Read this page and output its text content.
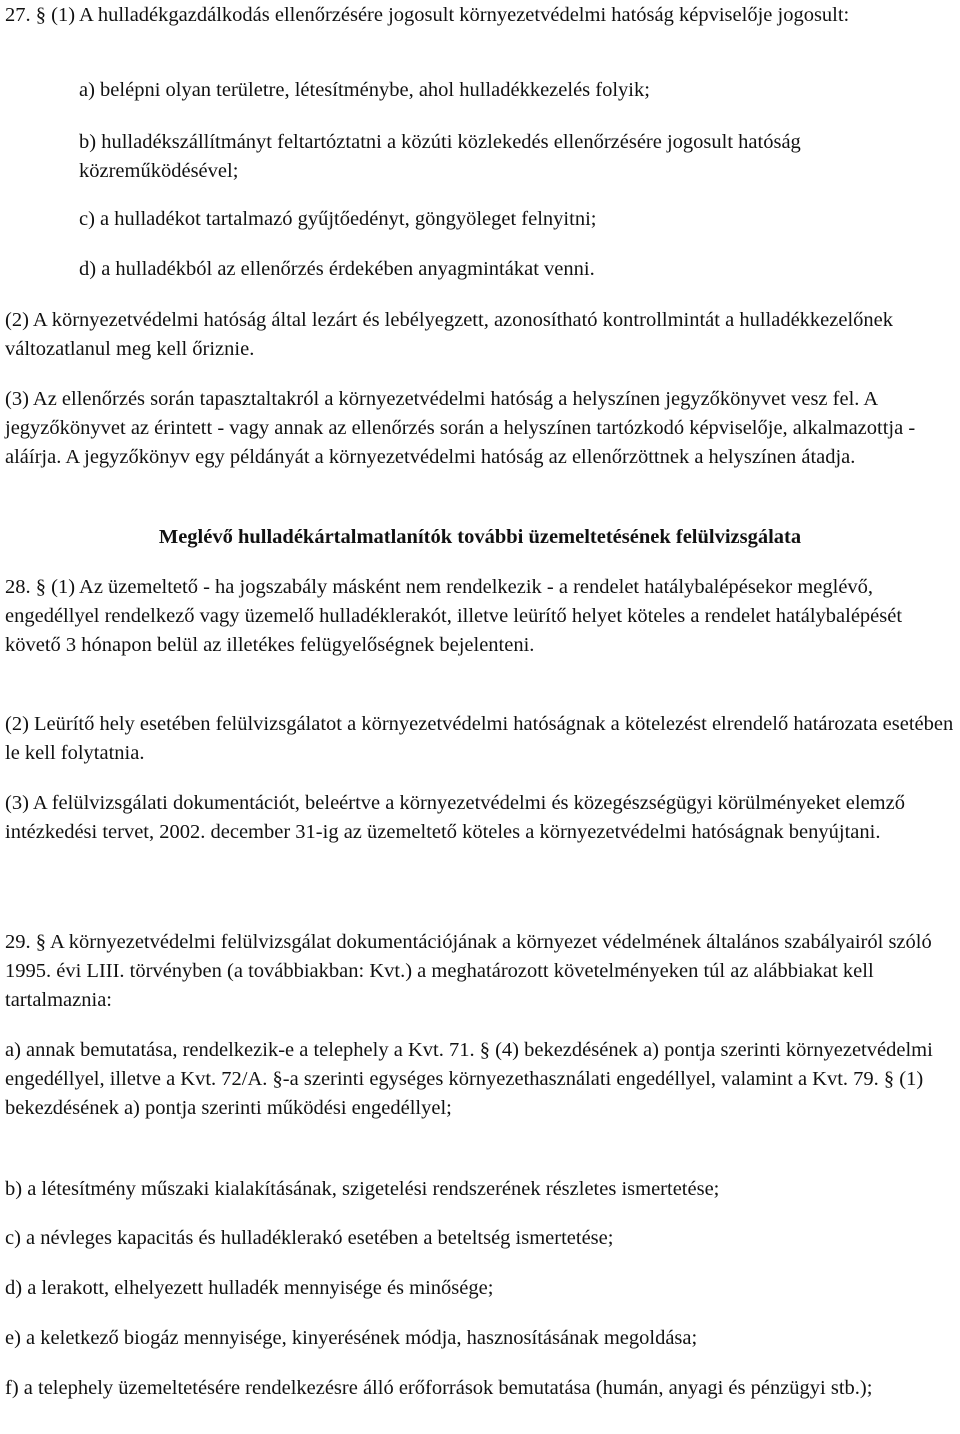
27. § (1) A hulladékgazdálkodás ellenőrzésére jogosult környezetvédelmi hatóság képviselője jogosult:

a) belépni olyan területre, létesítménybe, ahol hulladékkezelés folyik;

b) hulladékszállítmányt feltartóztatni a közúti közlekedés ellenőrzésére jogosult hatóság közreműködésével;

c) a hulladékot tartalmazó gyűjtőedényt, göngyöleget felnyitni;

d) a hulladékból az ellenőrzés érdekében anyagmintákat venni.

(2) A környezetvédelmi hatóság által lezárt és lebélyegzett, azonosítható kontrollmintát a hulladékkezelőnek változatlanul meg kell őriznie.

(3) Az ellenőrzés során tapasztaltakról a környezetvédelmi hatóság a helyszínen jegyzőkönyvet vesz fel. A jegyzőkönyvet az érintett - vagy annak az ellenőrzés során a helyszínen tartózkodó képviselője, alkalmazottja - aláírja. A jegyzőkönyv egy példányát a környezetvédelmi hatóság az ellenőrzöttnek a helyszínen átadja.

Meglévő hulladékártalmatlanítók további üzemeltetésének felülvizsgálata

28. § (1) Az üzemeltető - ha jogszabály másként nem rendelkezik - a rendelet hatálybalépésekor meglévő, engedéllyel rendelkező vagy üzemelő hulladéklerakót, illetve leürítő helyet köteles a rendelet hatálybalépését követő 3 hónapon belül az illetékes felügyelőségnek bejelenteni.

(2) Leürítő hely esetében felülvizsgálatot a környezetvédelmi hatóságnak a kötelezést elrendelő határozata esetében le kell folytatnia.

(3) A felülvizsgálati dokumentációt, beleértve a környezetvédelmi és közegészségügyi körülményeket elemző intézkedési tervet, 2002. december 31-ig az üzemeltető köteles a környezetvédelmi hatóságnak benyújtani.

29. § A környezetvédelmi felülvizsgálat dokumentációjának a környezet védelmének általános szabályairól szóló 1995. évi LIII. törvényben (a továbbiakban: Kvt.) a meghatározott követelményeken túl az alábbiakat kell tartalmaznia:

a) annak bemutatása, rendelkezik-e a telephely a Kvt. 71. § (4) bekezdésének a) pontja szerinti környezetvédelmi engedéllyel, illetve a Kvt. 72/A. §-a szerinti egységes környezethasználati engedéllyel, valamint a Kvt. 79. § (1) bekezdésének a) pontja szerinti működési engedéllyel;

b) a létesítmény műszaki kialakításának, szigetelési rendszerének részletes ismertetése;

c) a névleges kapacitás és hulladéklerakó esetében a beteltség ismertetése;

d) a lerakott, elhelyezett hulladék mennyisége és minősége;

e) a keletkező biogáz mennyisége, kinyerésének módja, hasznosításának megoldása;

f) a telephely üzemeltetésére rendelkezésre álló erőforrások bemutatása (humán, anyagi és pénzügyi stb.);
